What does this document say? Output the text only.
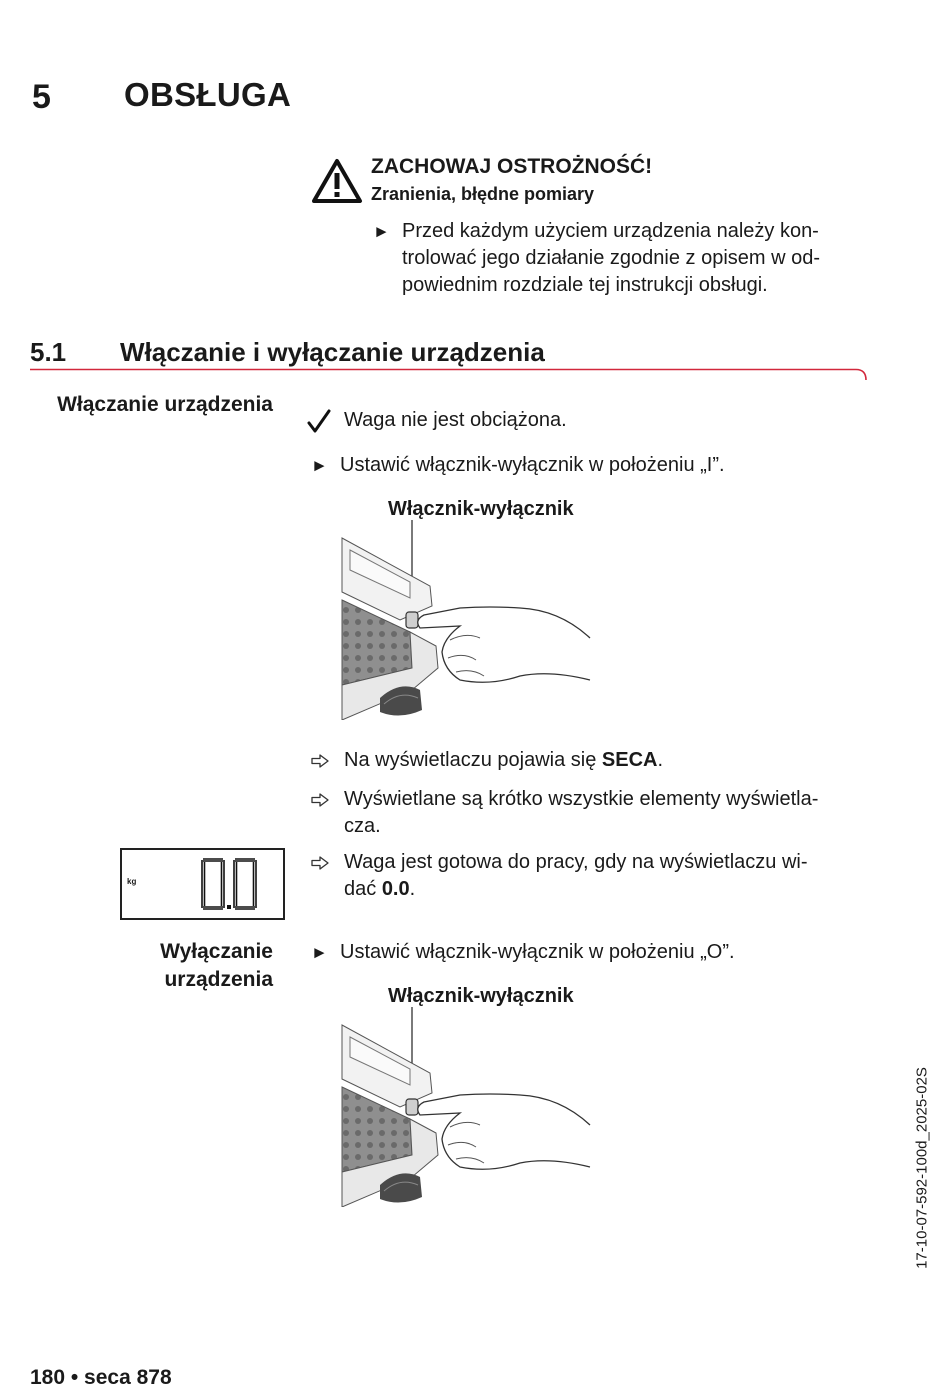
5 OBSŁUGA
ZACHOWAJ OSTROŻNOŚĆ!
Zranienia, błędne pomiary
► Przed każdym użyciem urządzenia należy kon-
trolować jego działanie zgodnie z opisem w od-
powiednim rozdziale tej instrukcji obsługi.
5.1 Włączanie i wyłączanie urządzenia
Włączanie urządzenia
Waga nie jest obciążona.
► Ustawić włącznik-wyłącznik w położeniu „I”.
Włącznik-wyłącznik
Na wyświetlaczu pojawia się SECA.
Wyświetlane są krótko wszystkie elementy wyświetla-
cza.
Waga jest gotowa do pracy, gdy na wyświetlaczu wi-
dać 0.0.
kg
Wyłączanie
urządzenia
► Ustawić włącznik-wyłącznik w położeniu „O”.
Włącznik-wyłącznik
17-10-07-592-100d_2025-02S
180 • seca 878
